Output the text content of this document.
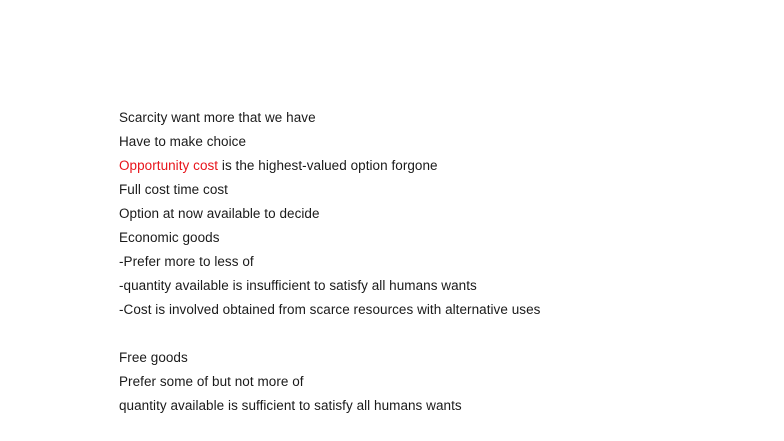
Scarcity want more that we have
Have to make choice
Opportunity cost is the highest-valued option forgone
Full cost time cost
Option at now available to decide
Economic goods
-Prefer more to less of
-quantity available is insufficient to satisfy all humans wants
-Cost is involved obtained from scarce resources with alternative uses
Free goods
Prefer some of but not more of
quantity available is sufficient to satisfy all humans wants
